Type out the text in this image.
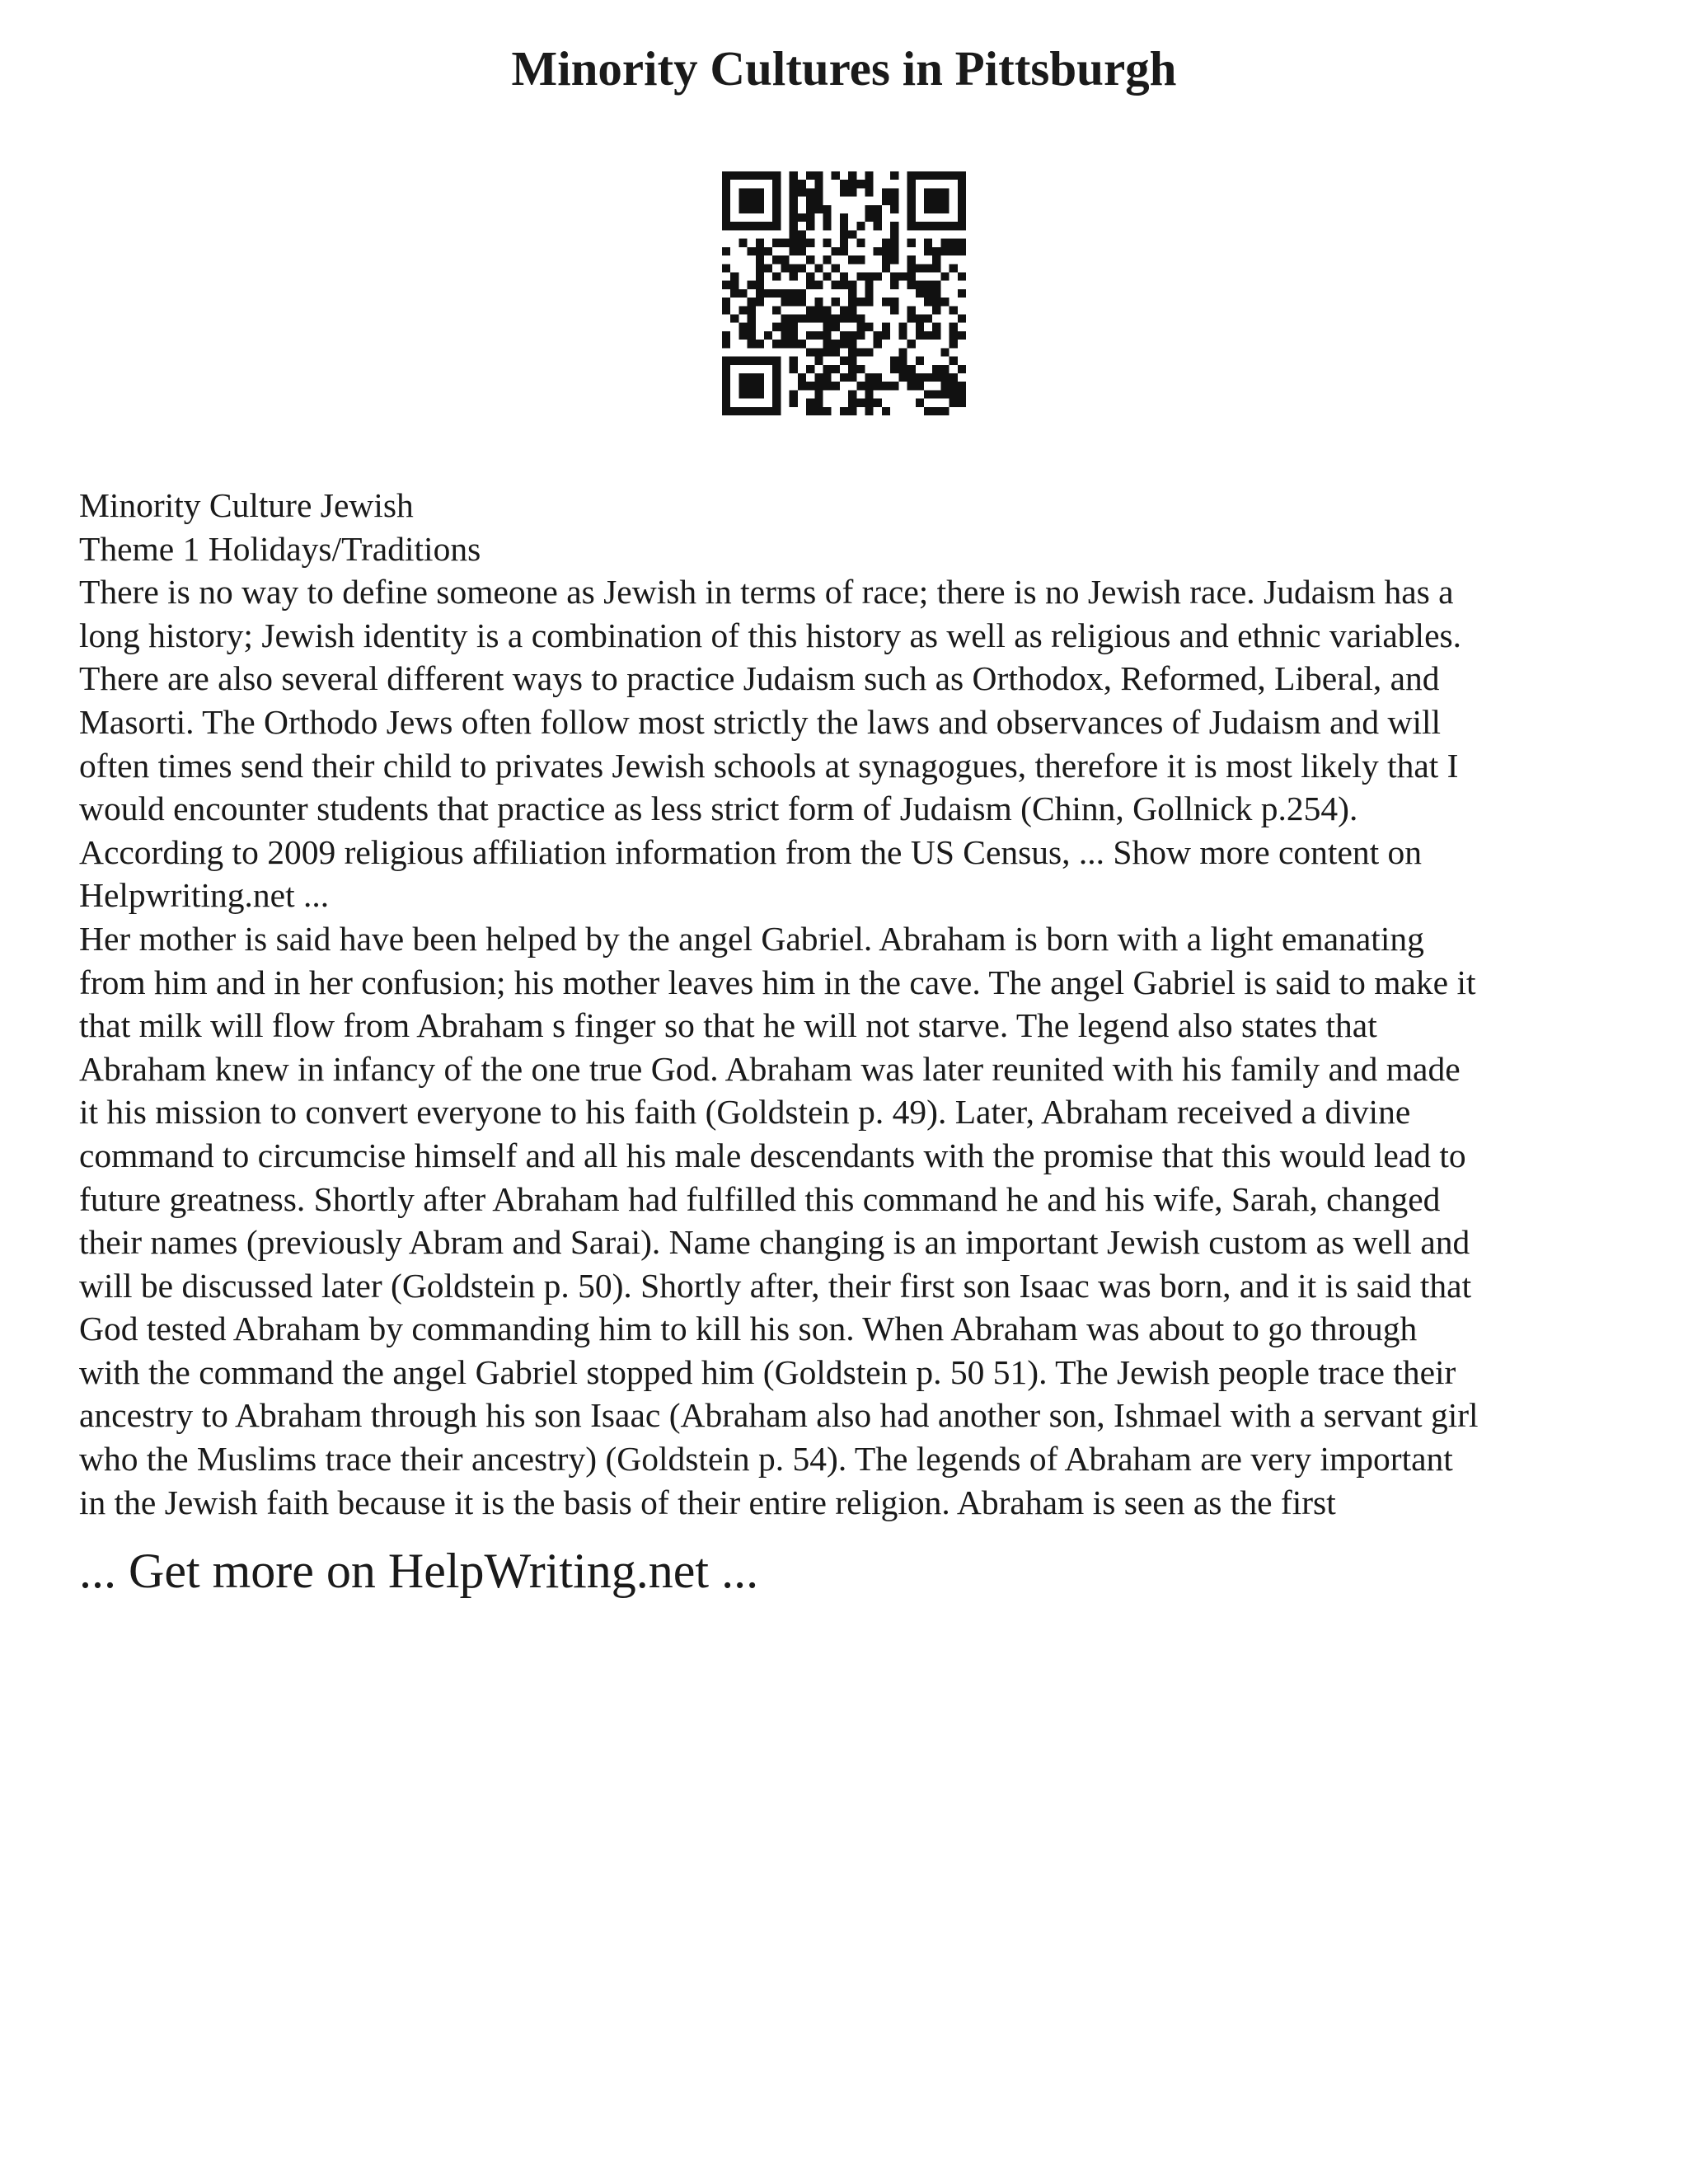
Minority Cultures in Pittsburgh
Minority Culture Jewish
Theme 1 Holidays/Traditions
There is no way to define someone as Jewish in terms of race; there is no Jewish race. Judaism has a
long history; Jewish identity is a combination of this history as well as religious and ethnic variables.
There are also several different ways to practice Judaism such as Orthodox, Reformed, Liberal, and
Masorti. The Orthodo Jews often follow most strictly the laws and observances of Judaism and will
often times send their child to privates Jewish schools at synagogues, therefore it is most likely that I
would encounter students that practice as less strict form of Judaism (Chinn, Gollnick p.254).
According to 2009 religious affiliation information from the US Census, ... Show more content on
Helpwriting.net ...
Her mother is said have been helped by the angel Gabriel. Abraham is born with a light emanating
from him and in her confusion; his mother leaves him in the cave. The angel Gabriel is said to make it
that milk will flow from Abraham s finger so that he will not starve. The legend also states that
Abraham knew in infancy of the one true God. Abraham was later reunited with his family and made
it his mission to convert everyone to his faith (Goldstein p. 49). Later, Abraham received a divine
command to circumcise himself and all his male descendants with the promise that this would lead to
future greatness. Shortly after Abraham had fulfilled this command he and his wife, Sarah, changed
their names (previously Abram and Sarai). Name changing is an important Jewish custom as well and
will be discussed later (Goldstein p. 50). Shortly after, their first son Isaac was born, and it is said that
God tested Abraham by commanding him to kill his son. When Abraham was about to go through
with the command the angel Gabriel stopped him (Goldstein p. 50 51). The Jewish people trace their
ancestry to Abraham through his son Isaac (Abraham also had another son, Ishmael with a servant girl
who the Muslims trace their ancestry) (Goldstein p. 54). The legends of Abraham are very important
in the Jewish faith because it is the basis of their entire religion. Abraham is seen as the first
... Get more on HelpWriting.net ...
